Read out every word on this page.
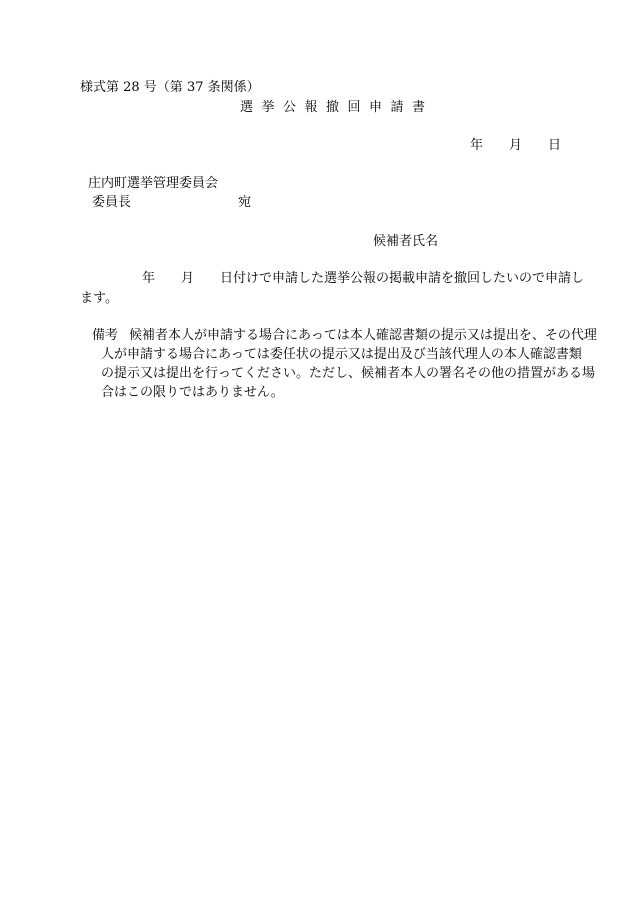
様式第 28 号（第 37 条関係）
選挙公報撤回申請書
年　　月　　日
庄内町選挙管理委員会
委員長	宛
候補者氏名
年　　月　　日付けで申請した選挙公報の掲載申請を撤回したいので申請し
ます。
備考 候補者本人が申請する場合にあっては本人確認書類の提示又は提出を、その代理
人が申請する場合にあっては委任状の提示又は提出及び当該代理人の本人確認書類
の提示又は提出を行ってください。ただし、候補者本人の署名その他の措置がある場
合はこの限りではありません。
